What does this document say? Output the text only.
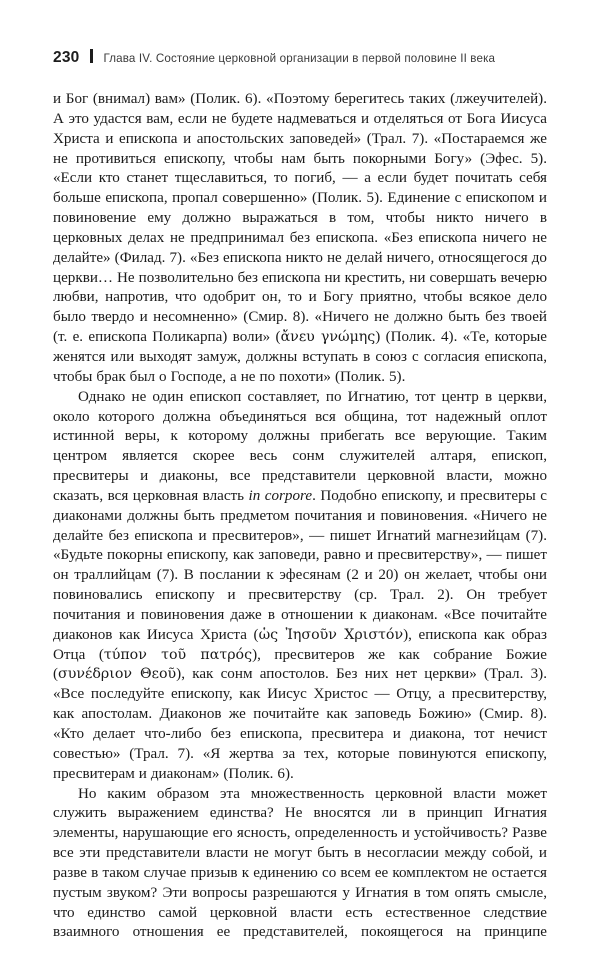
230 Глава IV. Состояние церковной организации в первой половине II века

и Бог (внимал) вам» (Полик. 6). «Поэтому берегитесь таких (лжеучителей). А это удастся вам, если не будете надмеваться и отделяться от Бога Иисуса Христа и епископа и апостольских заповедей» (Трал. 7). «Постараемся же не противиться епископу, чтобы нам быть покорными Богу» (Эфес. 5). «Если кто станет тщеславиться, то погиб, — а если будет почитать себя больше епископа, пропал совершенно» (Полик. 5). Единение с епископом и повиновение ему должно выражаться в том, чтобы никто ничего в церковных делах не предпринимал без епископа. «Без епископа ничего не делайте» (Филад. 7). «Без епископа никто не делай ничего, относящегося до церкви… Не позволительно без епископа ни крестить, ни совершать вечерю любви, напротив, что одобрит он, то и Богу приятно, чтобы всякое дело было твердо и несомненно» (Смир. 8). «Ничего не должно быть без твоей (т. е. епископа Поликарпа) воли» (ἄνευ γνώμης) (Полик. 4). «Те, которые женятся или выходят замуж, должны вступать в союз с согласия епископа, чтобы брак был о Господе, а не по похоти» (Полик. 5).

Однако не один епископ составляет, по Игнатию, тот центр в церкви, около которого должна объединяться вся община, тот надежный оплот истинной веры, к которому должны прибегать все верующие. Таким центром является скорее весь сонм служителей алтаря, епископ, пресвитеры и диаконы, все представители церковной власти, можно сказать, вся церковная власть in corpore. Подобно епископу, и пресвитеры с диаконами должны быть предметом почитания и повиновения. «Ничего не делайте без епископа и пресвитеров», — пишет Игнатий магнезийцам (7). «Будьте покорны епископу, как заповеди, равно и пресвитерству», — пишет он траллийцам (7). В послании к эфесянам (2 и 20) он желает, чтобы они повиновались епископу и пресвитерству (ср. Трал. 2). Он требует почитания и повиновения даже в отношении к диаконам. «Все почитайте диаконов как Иисуса Христа (ὡς Ἰησοῦν Χριστόν), епископа как образ Отца (τύπον τοῦ πατρός), пресвитеров же как собрание Божие (συνέδριον Θεοῦ), как сонм апостолов. Без них нет церкви» (Трал. 3). «Все последуйте епископу, как Иисус Христос — Отцу, а пресвитерству, как апостолам. Диаконов же почитайте как заповедь Божию» (Смир. 8). «Кто делает что-либо без епископа, пресвитера и диакона, тот нечист совестью» (Трал. 7). «Я жертва за тех, которые повинуются епископу, пресвитерам и диаконам» (Полик. 6).

Но каким образом эта множественность церковной власти может служить выражением единства? Не вносятся ли в принцип Игнатия элементы, нарушающие его ясность, определенность и устойчивость? Разве все эти представители власти не могут быть в несогласии между собой, и разве в таком случае призыв к единению со всем ее комплектом не остается пустым звуком? Эти вопросы разрешаются у Игнатия в том опять смысле, что единство самой церковной власти есть естественное следствие взаимного отношения ее представителей, покоящегося на принципе
